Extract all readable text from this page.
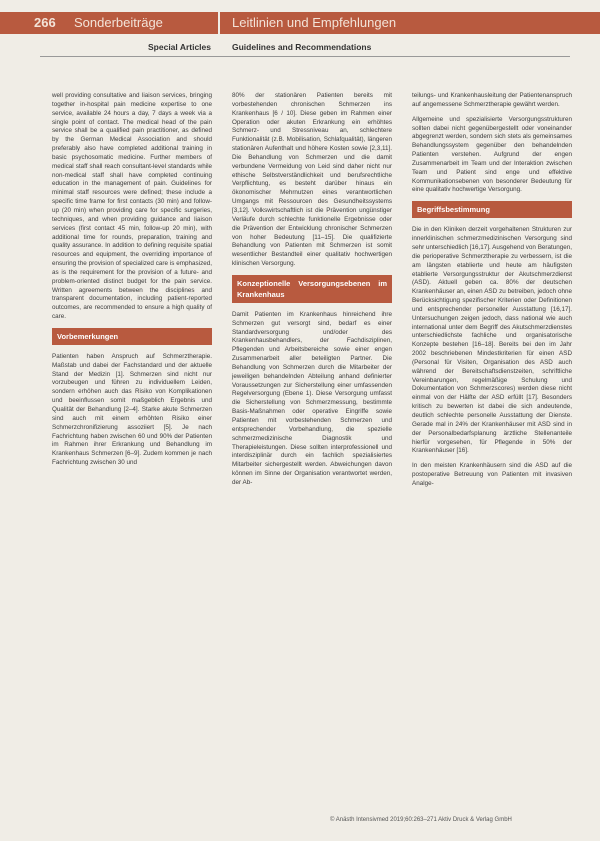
266 Sonderbeiträge	Leitlinien und Empfehlungen
Special Articles Guidelines and Recommendations

well providing consultative and liaison services, bringing together in-hospital pain medicine expertise to one service, available 24 hours a day, 7 days a week via a single point of contact. The medical head of the pain service shall be a qualified pain practitioner, as defined by the German Medical Association and should preferably also have completed additional training in basic psychosomatic medicine. Further members of medical staff shall reach consultant-level standards while non-medical staff shall have completed continuing education in the management of pain. Guidelines for minimal staff resources were defined; these include a specific time frame for first contacts (30 min) and follow-up (20 min) when providing care for specific surgeries, techniques, and when providing guidance and liaison services (first contact 45 min, follow-up 20 min), with additional time for rounds, preparation, training and quality assurance. In addition to defining requisite spatial resources and equipment, the overriding importance of ensuring the provision of specialized care is emphasized, as is the requirement for the provision of a future- and problem-oriented distinct budget for the pain service. Written agreements between the disciplines and transparent documentation, including patient-reported outcomes, are recommended to ensure a high quality of care.

Vorbemerkungen

Patienten haben Anspruch auf Schmerztherapie. Maßstab und dabei der Fachstandard und der aktuelle Stand der Medizin [1]. Schmerzen sind nicht nur vorzubeugen und führen zu individuellem Leiden, sondern erhöhen auch das Risiko von Komplikationen und beeinflussen somit maßgeblich Ergebnis und Qualität der Behandlung [2–4]. Starke akute Schmerzen sind auch mit einem erhöhten Risiko einer Schmerzchronifizierung assoziiert [5]. Je nach Fachrichtung haben zwischen 60 und 90% der Patienten im Rahmen ihrer Erkrankung und Behandlung im Krankenhaus Schmerzen [6–9]. Zudem kommen je nach Fachrichtung zwischen 30 und

80% der stationären Patienten bereits mit vorbestehenden chronischen Schmerzen ins Krankenhaus [6 / 10]. Diese geben im Rahmen einer Operation oder akuten Erkrankung ein erhöhtes Schmerz- und Stressniveau an, schlechtere Funktionalität (z.B. Mobilisation, Schlafqualität), längeren stationären Aufenthalt und höhere Kosten sowie [2,3,11]. Die Behandlung von Schmerzen und die damit verbundene Vermeidung von Leid sind daher nicht nur ethische Selbstverständlichkeit und berufsrechtliche Verpflichtung, es besteht darüber hinaus ein ökonomischer Mehrnutzen eines verantwortlichen Umgangs mit Ressourcen des Gesundheitssystems [3,12]. Volkswirtschaftlich ist die Prävention ungünstiger Verläufe durch schlechte funktionelle Ergebnisse oder die Prävention der Entwicklung chronischer Schmerzen von hoher Bedeutung [11–15]. Die qualifizierte Behandlung von Patienten mit Schmerzen ist somit wesentlicher Bestandteil einer qualitativ hochwertigen klinischen Versorgung.

Konzeptionelle Versorgungsebenen im Krankenhaus

Damit Patienten im Krankenhaus hinreichend ihre Schmerzen gut versorgt sind, bedarf es einer Standardversorgung und/oder des Krankenhausbehandlers, der Fachdisziplinen, Pflegenden und Arbeitsbereiche sowie einer engen Zusammenarbeit aller beteiligten Partner. Die Behandlung von Schmerzen durch die Mitarbeiter der jeweiligen behandelnden Abteilung anhand definierter Voraussetzungen zur Sicherstellung einer umfassenden Regelversorgung (Ebene 1). Diese Versorgung umfasst die Sicherstellung von Schmerzmessung, bestimmte Basis-Maßnahmen oder operative Eingriffe sowie Patienten mit vorbestehenden Schmerzen und entsprechender Vorbehandlung, die spezielle schmerzmedizinische Diagnostik und Therapieleistungen. Diese sollten interprofessionell und interdisziplinär durch ein fachlich spezialisiertes Mitarbeiter sichergestellt werden. Abweichungen davon können im Sinne der Organisation verantwortet werden, der Ab-

teilungs- und Krankenhausleitung der Patientenanspruch auf angemessene Schmerztherapie gewährt werden.

Allgemeine und spezialisierte Versorgungsstrukturen sollten dabei nicht gegenübergestellt oder voneinander abgegrenzt werden, sondern sich stets als gemeinsames Behandlungssystem gegenüber den behandelnden Patienten verstehen. Aufgrund der engen Zusammenarbeit im Team und der Interaktion zwischen Team und Patient sind enge und effektive Kommunikationsebenen von besonderer Bedeutung für eine qualitativ hochwertige Versorgung.

Begriffsbestimmung

Die in den Kliniken derzeit vorgehaltenen Strukturen zur innerklinischen schmerzmedizinischen Versorgung sind sehr unterschiedlich [16,17]. Ausgehend von Beratungen, die perioperative Schmerztherapie zu verbessern, ist die am längsten etablierte und heute am häufigsten etablierte Versorgungsstruktur der Akutschmerzdienst (ASD). Aktuell geben ca. 80% der deutschen Krankenhäuser an, einen ASD zu betreiben, jedoch ohne Berücksichtigung spezifischer Kriterien oder Definitionen und entsprechender personeller Ausstattung [16,17]. Untersuchungen zeigen jedoch, dass national wie auch international unter dem Begriff des Akutschmerzdienstes unterschiedlichste fachliche und organisatorische Konzepte bestehen [16–18]. Bereits bei den im Jahr 2002 beschriebenen Mindestkriterien für einen ASD (Personal für Visiten, Organisation des ASD auch während der Bereitschaftsdienstzeiten, schriftliche Vereinbarungen, regelmäßige Schulung und Dokumentation von Schmerzscores) werden diese nicht einmal von der Hälfte der ASD erfüllt [17]. Besonders kritisch zu bewerten ist dabei die sich andeutende, deutlich schlechte personelle Ausstattung der Dienste. Gerade mal in 24% der Krankenhäuser mit ASD sind in der Personalbedarfsplanung ärztliche Stellenanteile hierfür vorgesehen, für Pflegende in 50% der Krankenhäuser [16].

In den meisten Krankenhäusern sind die ASD auf die postoperative Betreuung von Patienten mit invasiven Analge-

© Anästh Intensivmed 2019;60:263–271 Aktiv Druck & Verlag GmbH
